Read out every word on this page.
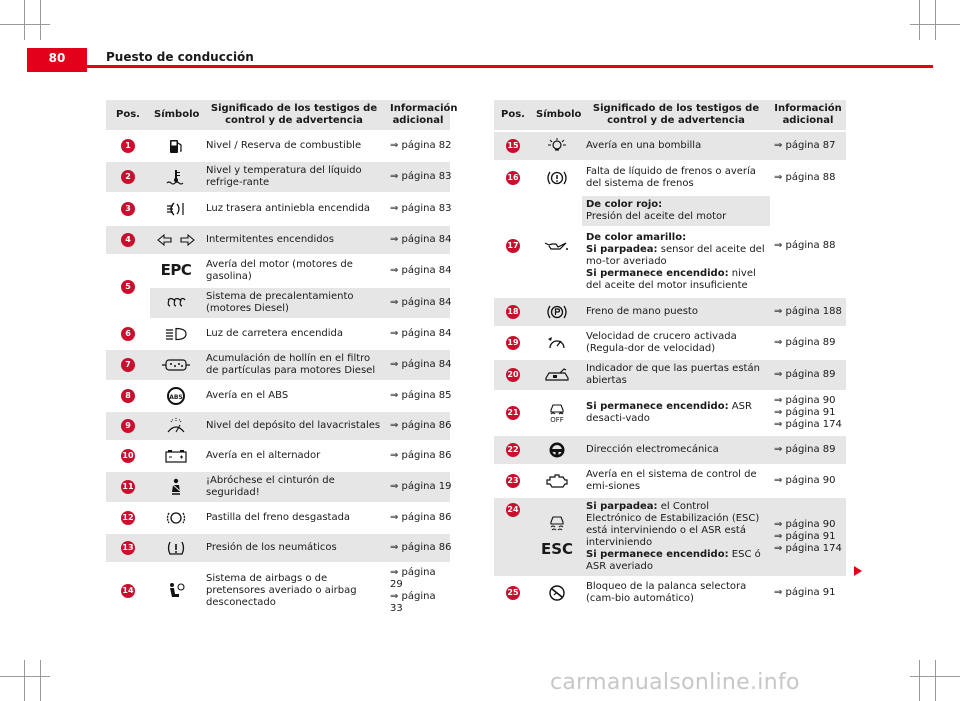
80	Puesto de conducción
Pos.	Símbolo	Significado de los testigos de control y de advertencia	Información adicional
1		Nivel / Reserva de combustible	⇒ página 82
2		Nivel y temperatura del líquido refrige-rante	⇒ página 83
3		Luz trasera antiniebla encendida	⇒ página 83
4		Intermitentes encendidos	⇒ página 84
5	EPC	Avería del motor (motores de gasolina)	⇒ página 84

	Sistema de precalentamiento (motores Diesel)	⇒ página 84
6		Luz de carretera encendida	⇒ página 84
7		Acumulación de hollín en el filtro de partículas para motores Diesel	⇒ página 84
8	ABS	Avería en el ABS	⇒ página 85
9		Nivel del depósito del lavacristales	⇒ página 86
10		Avería en el alternador	⇒ página 86
11		¡Abróchese el cinturón de seguridad!	⇒ página 19
12		Pastilla del freno desgastada	⇒ página 86
13		Presión de los neumáticos	⇒ página 86
14		Sistema de airbags o de pretensores averiado o airbag desconectado	⇒ página 29
⇒ página 33
Pos.	Símbolo	Significado de los testigos de control y de advertencia	Información adicional
15		Avería en una bombilla	⇒ página 87
16		Falta de líquido de frenos o avería del sistema de frenos	⇒ página 88
17		De color rojo:
Presión del aceite del motor	⇒ página 88

		De color amarillo:
Si parpadea: sensor del aceite del mo-tor averiado
Si permanece encendido: nivel del aceite del motor insuficiente	

18		Freno de mano puesto	⇒ página 188
19		Velocidad de crucero activada (Regula-dor de velocidad)	⇒ página 89
20		Indicador de que las puertas están abiertas	⇒ página 89
21	OFF	Si permanece encendido: ASR desacti-vado	⇒ página 90
⇒ página 91
⇒ página 174
22		Dirección electromecánica	⇒ página 89
23		Avería en el sistema de control de emi-siones	⇒ página 90
24	ESC	Si parpadea: el Control Electrónico de Estabilización (ESC) está interviniendo o el ASR está interviniendo
Si permanece encendido: ESC ó ASR averiado	⇒ página 90
⇒ página 91
⇒ página 174
25		Bloqueo de la palanca selectora (cam-bio automático)	⇒ página 91
carmanualsonline.info
